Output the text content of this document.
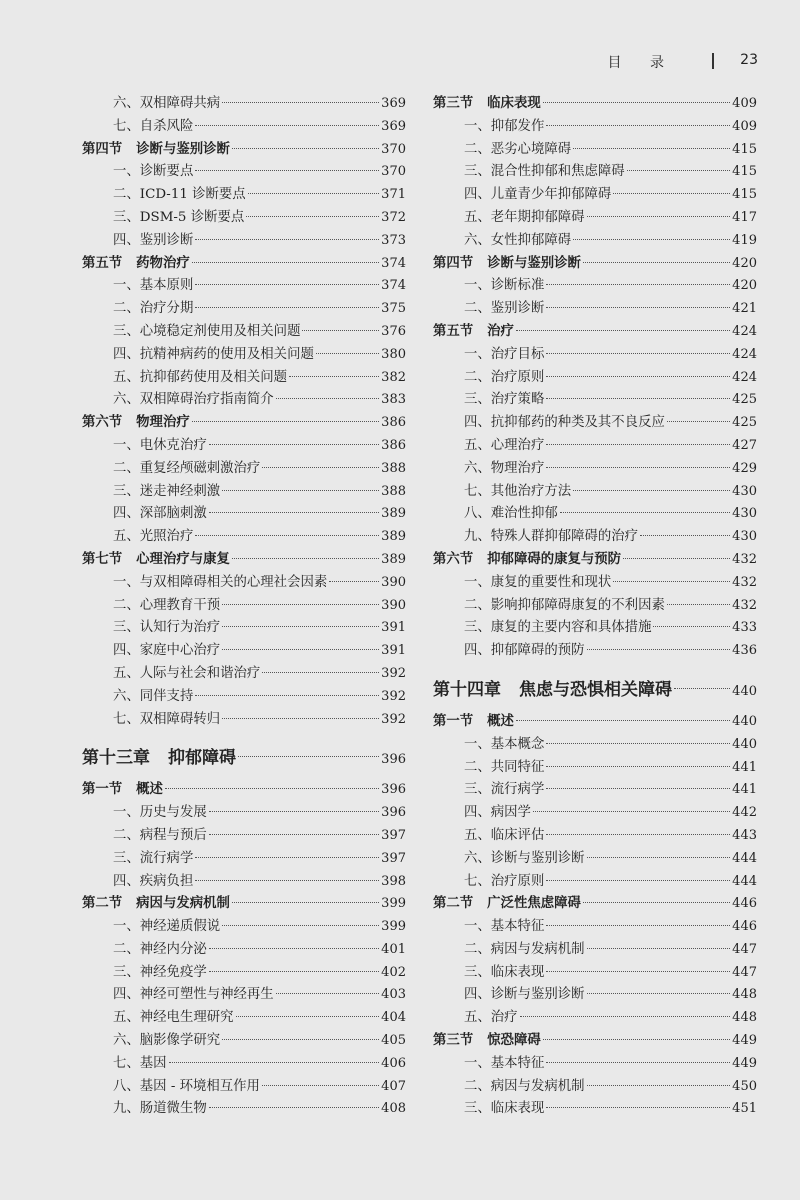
目 录	23
六、双相障碍共病	369
七、自杀风险	369
第四节 诊断与鉴别诊断	370
一、诊断要点	370
二、ICD-11 诊断要点	371
三、DSM-5 诊断要点	372
四、鉴别诊断	373
第五节 药物治疗	374
一、基本原则	374
二、治疗分期	375
三、心境稳定剂使用及相关问题	376
四、抗精神病药的使用及相关问题	380
五、抗抑郁药使用及相关问题	382
六、双相障碍治疗指南简介	383
第六节 物理治疗	386
一、电休克治疗	386
二、重复经颅磁刺激治疗	388
三、迷走神经刺激	388
四、深部脑刺激	389
五、光照治疗	389
第七节 心理治疗与康复	389
一、与双相障碍相关的心理社会因素	390
二、心理教育干预	390
三、认知行为治疗	391
四、家庭中心治疗	391
五、人际与社会和谐治疗	392
六、同伴支持	392
七、双相障碍转归	392
第十三章 抑郁障碍	396
第一节 概述	396
一、历史与发展	396
二、病程与预后	397
三、流行病学	397
四、疾病负担	398
第二节 病因与发病机制	399
一、神经递质假说	399
二、神经内分泌	401
三、神经免疫学	402
四、神经可塑性与神经再生	403
五、神经电生理研究	404
六、脑影像学研究	405
七、基因	406
八、基因 - 环境相互作用	407
九、肠道微生物	408
第三节 临床表现	409
一、抑郁发作	409
二、恶劣心境障碍	415
三、混合性抑郁和焦虑障碍	415
四、儿童青少年抑郁障碍	415
五、老年期抑郁障碍	417
六、女性抑郁障碍	419
第四节 诊断与鉴别诊断	420
一、诊断标准	420
二、鉴别诊断	421
第五节 治疗	424
一、治疗目标	424
二、治疗原则	424
三、治疗策略	425
四、抗抑郁药的种类及其不良反应	425
五、心理治疗	427
六、物理治疗	429
七、其他治疗方法	430
八、难治性抑郁	430
九、特殊人群抑郁障碍的治疗	430
第六节 抑郁障碍的康复与预防	432
一、康复的重要性和现状	432
二、影响抑郁障碍康复的不利因素	432
三、康复的主要内容和具体措施	433
四、抑郁障碍的预防	436
第十四章 焦虑与恐惧相关障碍	440
第一节 概述	440
一、基本概念	440
二、共同特征	441
三、流行病学	441
四、病因学	442
五、临床评估	443
六、诊断与鉴别诊断	444
七、治疗原则	444
第二节 广泛性焦虑障碍	446
一、基本特征	446
二、病因与发病机制	447
三、临床表现	447
四、诊断与鉴别诊断	448
五、治疗	448
第三节 惊恐障碍	449
一、基本特征	449
二、病因与发病机制	450
三、临床表现	451
